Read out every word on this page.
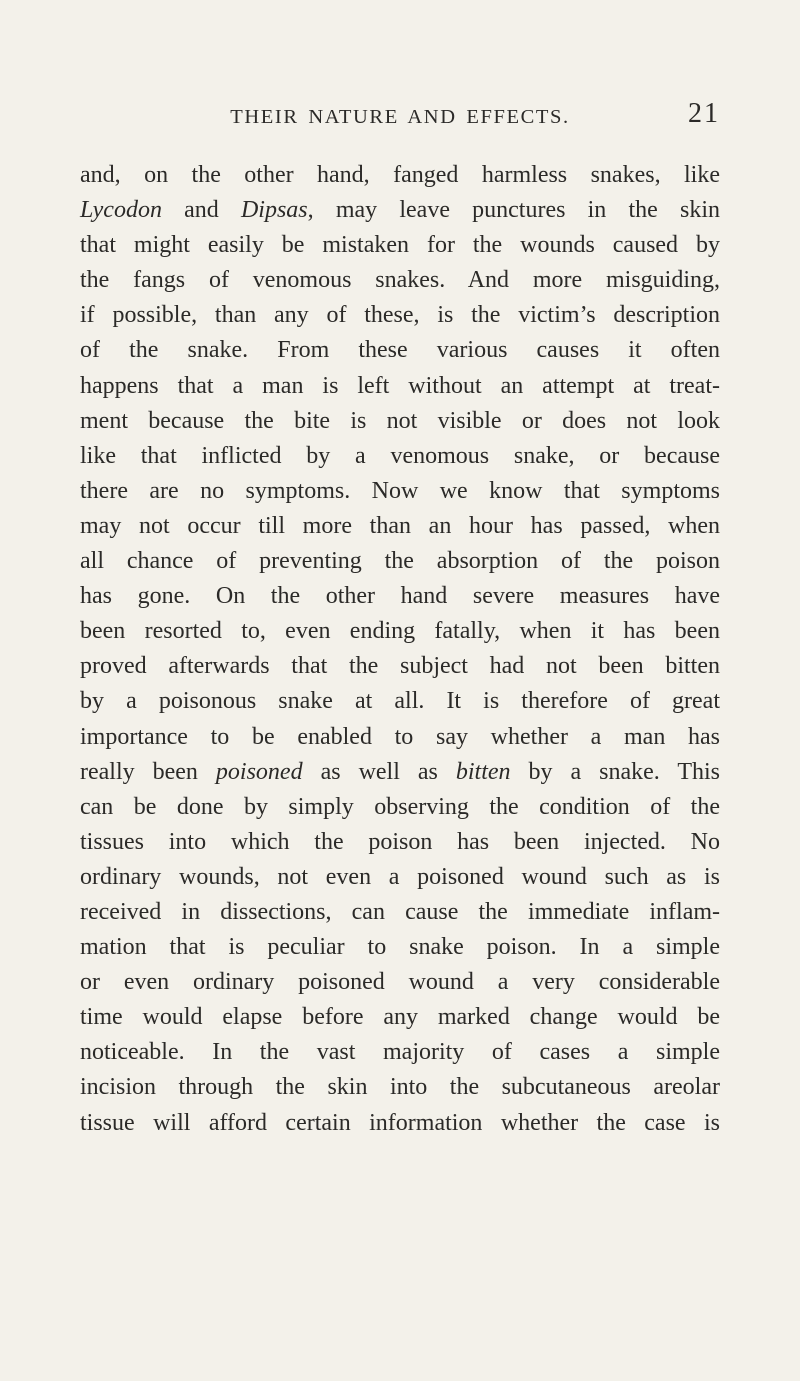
THEIR NATURE AND EFFECTS.	21
and, on the other hand, fanged harmless snakes, like
Lycodon and Dipsas, may leave punctures in the skin
that might easily be mistaken for the wounds caused by
the fangs of venomous snakes. And more misguiding,
if possible, than any of these, is the victim’s description
of the snake. From these various causes it often
happens that a man is left without an attempt at treat-
ment because the bite is not visible or does not look
like that inflicted by a venomous snake, or because
there are no symptoms. Now we know that symptoms
may not occur till more than an hour has passed, when
all chance of preventing the absorption of the poison
has gone. On the other hand severe measures have
been resorted to, even ending fatally, when it has been
proved afterwards that the subject had not been bitten
by a poisonous snake at all. It is therefore of great
importance to be enabled to say whether a man has
really been poisoned as well as bitten by a snake. This
can be done by simply observing the condition of the
tissues into which the poison has been injected. No
ordinary wounds, not even a poisoned wound such as is
received in dissections, can cause the immediate inflam-
mation that is peculiar to snake poison. In a simple
or even ordinary poisoned wound a very considerable
time would elapse before any marked change would be
noticeable. In the vast majority of cases a simple
incision through the skin into the subcutaneous areolar
tissue will afford certain information whether the case is
